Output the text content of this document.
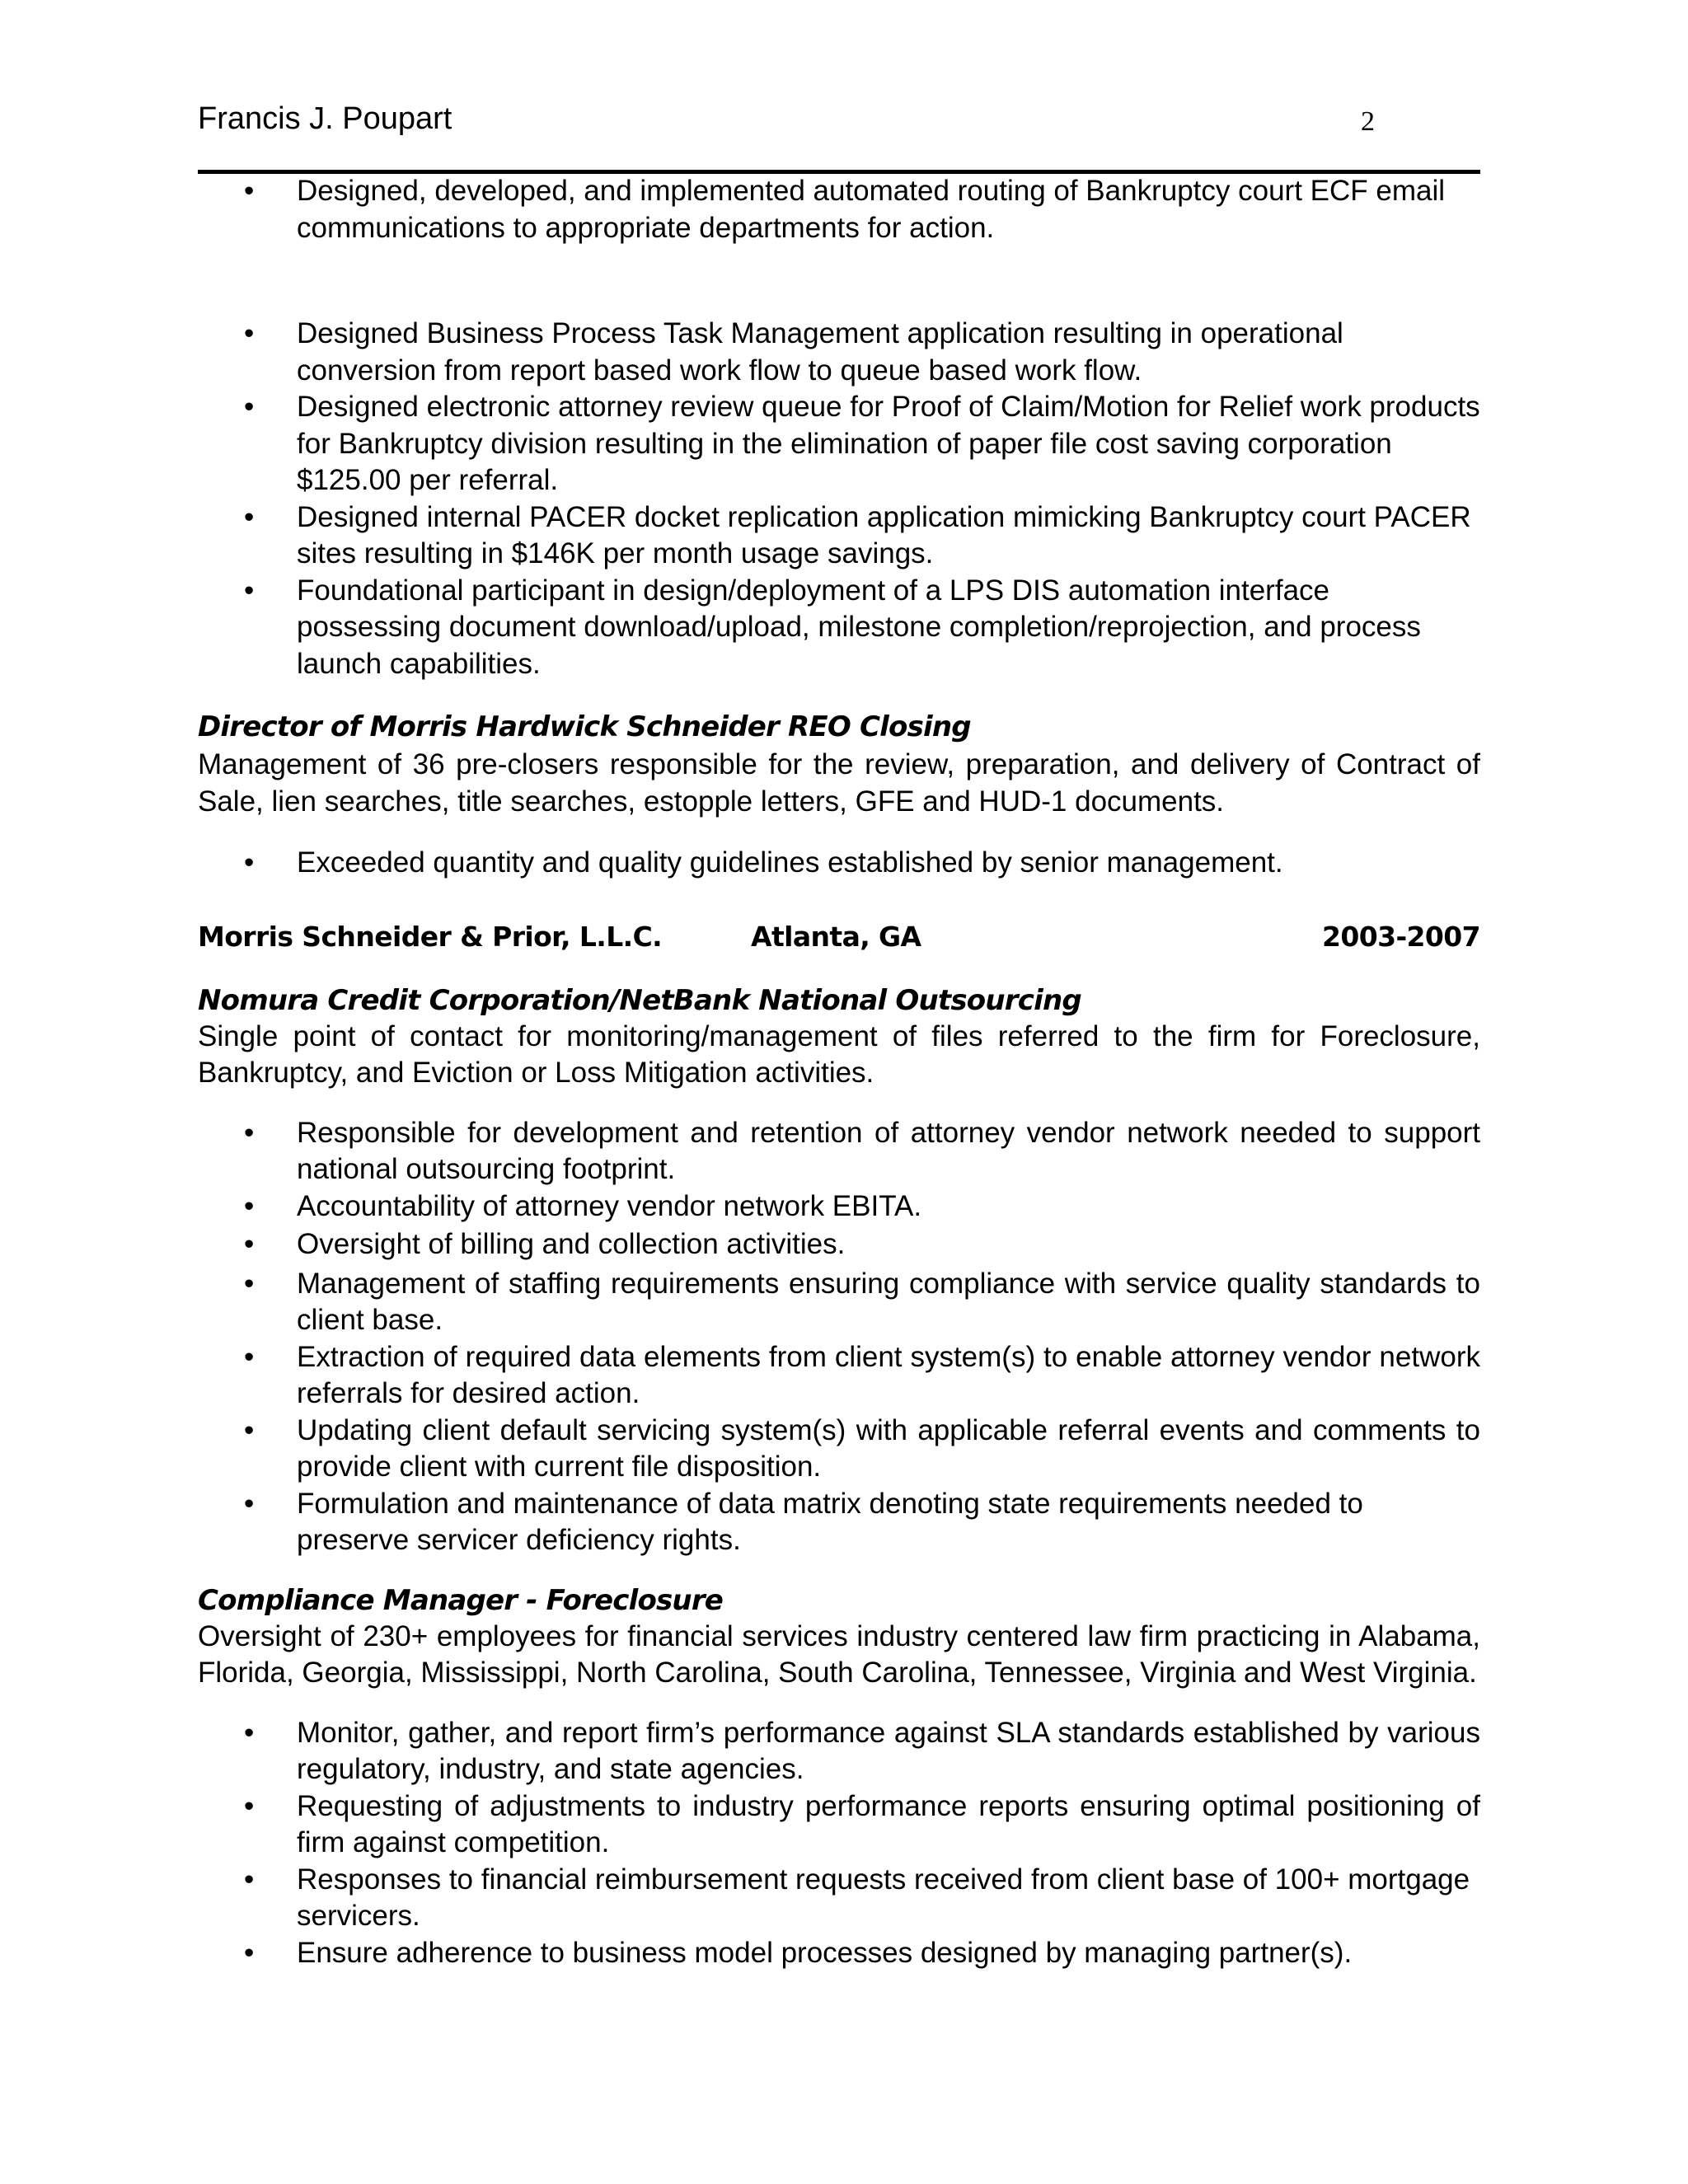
Francis J. Poupart	2
• Designed, developed, and implemented automated routing of Bankruptcy court ECF email communications to appropriate departments for action.
• Designed Business Process Task Management application resulting in operational conversion from report based work flow to queue based work flow.
• Designed electronic attorney review queue for Proof of Claim/Motion for Relief work products for Bankruptcy division resulting in the elimination of paper file cost saving corporation $125.00 per referral.
• Designed internal PACER docket replication application mimicking Bankruptcy court PACER sites resulting in $146K per month usage savings.
• Foundational participant in design/deployment of a LPS DIS automation interface possessing document download/upload, milestone completion/reprojection, and process launch capabilities.
Director of Morris Hardwick Schneider REO Closing

Management of 36 pre-closers responsible for the review, preparation, and delivery of Contract of Sale, lien searches, title searches, estopple letters, GFE and HUD-1 documents.

• Exceeded quantity and quality guidelines established by senior management.
Morris Schneider & Prior, L.L.C.	Atlanta, GA	2003-2007
Nomura Credit Corporation/NetBank National Outsourcing

Single point of contact for monitoring/management of files referred to the firm for Foreclosure, Bankruptcy, and Eviction or Loss Mitigation activities.

• Responsible for development and retention of attorney vendor network needed to support national outsourcing footprint.
• Accountability of attorney vendor network EBITA.
• Oversight of billing and collection activities.
• Management of staffing requirements ensuring compliance with service quality standards to client base.
• Extraction of required data elements from client system(s) to enable attorney vendor network referrals for desired action.
• Updating client default servicing system(s) with applicable referral events and comments to provide client with current file disposition.
• Formulation and maintenance of data matrix denoting state requirements needed to preserve servicer deficiency rights.
Compliance Manager - Foreclosure

Oversight of 230+ employees for financial services industry centered law firm practicing in Alabama, Florida, Georgia, Mississippi, North Carolina, South Carolina, Tennessee, Virginia and West Virginia.

• Monitor, gather, and report firm’s performance against SLA standards established by various regulatory, industry, and state agencies.
• Requesting of adjustments to industry performance reports ensuring optimal positioning of firm against competition.
• Responses to financial reimbursement requests received from client base of 100+ mortgage servicers.
• Ensure adherence to business model processes designed by managing partner(s).
